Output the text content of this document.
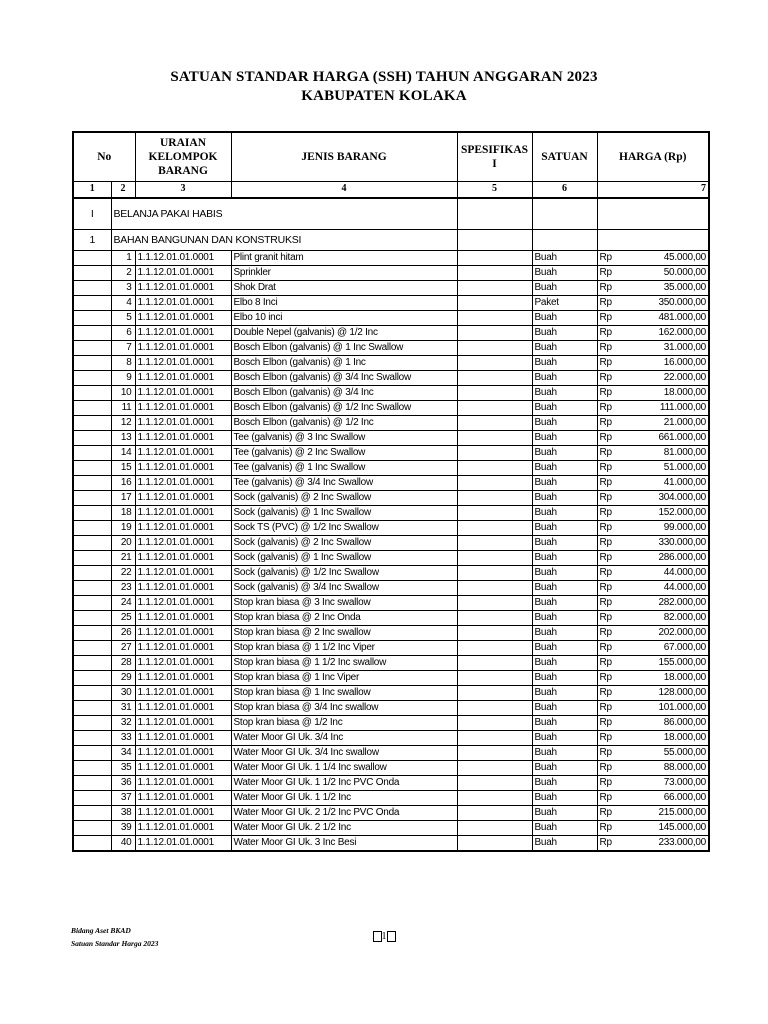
SATUAN STANDAR HARGA (SSH) TAHUN ANGGARAN 2023
KABUPATEN KOLAKA
No		URAIAN KELOMPOK BARANG	JENIS BARANG	SPESIFIKASI	SATUAN	HARGA (Rp)
1	2	3	4	5	6	7
I	BELANJA PAKAI HABIS					
1	BAHAN BANGUNAN DAN KONSTRUKSI					
	1	1.1.12.01.01.0001	Plint granit hitam		Buah	Rp 45.000,00

	2	1.1.12.01.01.0001	Sprinkler		Buah	Rp 50.000,00

	3	1.1.12.01.01.0001	Shok Drat		Buah	Rp 35.000,00

	4	1.1.12.01.01.0001	Elbo 8 Inci		Paket	Rp 350.000,00

	5	1.1.12.01.01.0001	Elbo 10 inci		Buah	Rp 481.000,00

	6	1.1.12.01.01.0001	Double Nepel (galvanis) @ 1/2 Inc		Buah	Rp 162.000,00

	7	1.1.12.01.01.0001	Bosch Elbon (galvanis) @ 1 Inc Swallow		Buah	Rp 31.000,00

	8	1.1.12.01.01.0001	Bosch Elbon (galvanis) @ 1 Inc		Buah	Rp 16.000,00

	9	1.1.12.01.01.0001	Bosch Elbon (galvanis) @ 3/4 Inc Swallow		Buah	Rp 22.000,00

	10	1.1.12.01.01.0001	Bosch Elbon (galvanis) @ 3/4 Inc		Buah	Rp 18.000,00

	11	1.1.12.01.01.0001	Bosch Elbon (galvanis) @ 1/2 Inc Swallow		Buah	Rp 111.000,00

	12	1.1.12.01.01.0001	Bosch Elbon (galvanis) @ 1/2 Inc		Buah	Rp 21.000,00

	13	1.1.12.01.01.0001	Tee (galvanis) @ 3 Inc Swallow		Buah	Rp 661.000,00

	14	1.1.12.01.01.0001	Tee (galvanis) @ 2 Inc Swallow		Buah	Rp 81.000,00

	15	1.1.12.01.01.0001	Tee (galvanis) @ 1 Inc Swallow		Buah	Rp 51.000,00

	16	1.1.12.01.01.0001	Tee (galvanis) @ 3/4 Inc Swallow		Buah	Rp 41.000,00

	17	1.1.12.01.01.0001	Sock (galvanis) @ 2 Inc Swallow		Buah	Rp 304.000,00

	18	1.1.12.01.01.0001	Sock (galvanis) @ 1 Inc Swallow		Buah	Rp 152.000,00

	19	1.1.12.01.01.0001	Sock TS (PVC) @ 1/2 Inc Swallow		Buah	Rp 99.000,00

	20	1.1.12.01.01.0001	Sock (galvanis) @ 2 Inc Swallow		Buah	Rp 330.000,00

	21	1.1.12.01.01.0001	Sock (galvanis) @ 1 Inc Swallow		Buah	Rp 286.000,00

	22	1.1.12.01.01.0001	Sock (galvanis) @ 1/2 Inc Swallow		Buah	Rp 44.000,00

	23	1.1.12.01.01.0001	Sock (galvanis) @ 3/4 Inc Swallow		Buah	Rp 44.000,00

	24	1.1.12.01.01.0001	Stop kran biasa @ 3 Inc swallow		Buah	Rp 282.000,00

	25	1.1.12.01.01.0001	Stop kran biasa @ 2 Inc Onda		Buah	Rp 82.000,00

	26	1.1.12.01.01.0001	Stop kran biasa @ 2 Inc swallow		Buah	Rp 202.000,00

	27	1.1.12.01.01.0001	Stop kran biasa @ 1 1/2 Inc Viper		Buah	Rp 67.000,00

	28	1.1.12.01.01.0001	Stop kran biasa @ 1 1/2 Inc swallow		Buah	Rp 155.000,00

	29	1.1.12.01.01.0001	Stop kran biasa @ 1 Inc Viper		Buah	Rp 18.000,00

	30	1.1.12.01.01.0001	Stop kran biasa @ 1 Inc swallow		Buah	Rp 128.000,00

	31	1.1.12.01.01.0001	Stop kran biasa @ 3/4 Inc swallow		Buah	Rp 101.000,00

	32	1.1.12.01.01.0001	Stop kran biasa @ 1/2 Inc		Buah	Rp 86.000,00

	33	1.1.12.01.01.0001	Water Moor GI Uk. 3/4 Inc		Buah	Rp 18.000,00

	34	1.1.12.01.01.0001	Water Moor GI Uk. 3/4 Inc swallow		Buah	Rp 55.000,00

	35	1.1.12.01.01.0001	Water Moor GI Uk. 1 1/4 Inc swallow		Buah	Rp 88.000,00

	36	1.1.12.01.01.0001	Water Moor GI Uk. 1 1/2 Inc PVC Onda		Buah	Rp 73.000,00

	37	1.1.12.01.01.0001	Water Moor GI Uk. 1 1/2 Inc		Buah	Rp 66.000,00

	38	1.1.12.01.01.0001	Water Moor GI Uk. 2 1/2 Inc PVC Onda		Buah	Rp 215.000,00

	39	1.1.12.01.01.0001	Water Moor GI Uk. 2 1/2 Inc		Buah	Rp 145.000,00

	40	1.1.12.01.01.0001	Water Moor GI Uk. 3 Inc Besi		Buah	Rp 233.000,00
Bidang Aset BKAD
Satuan Standar Harga 2023
1
